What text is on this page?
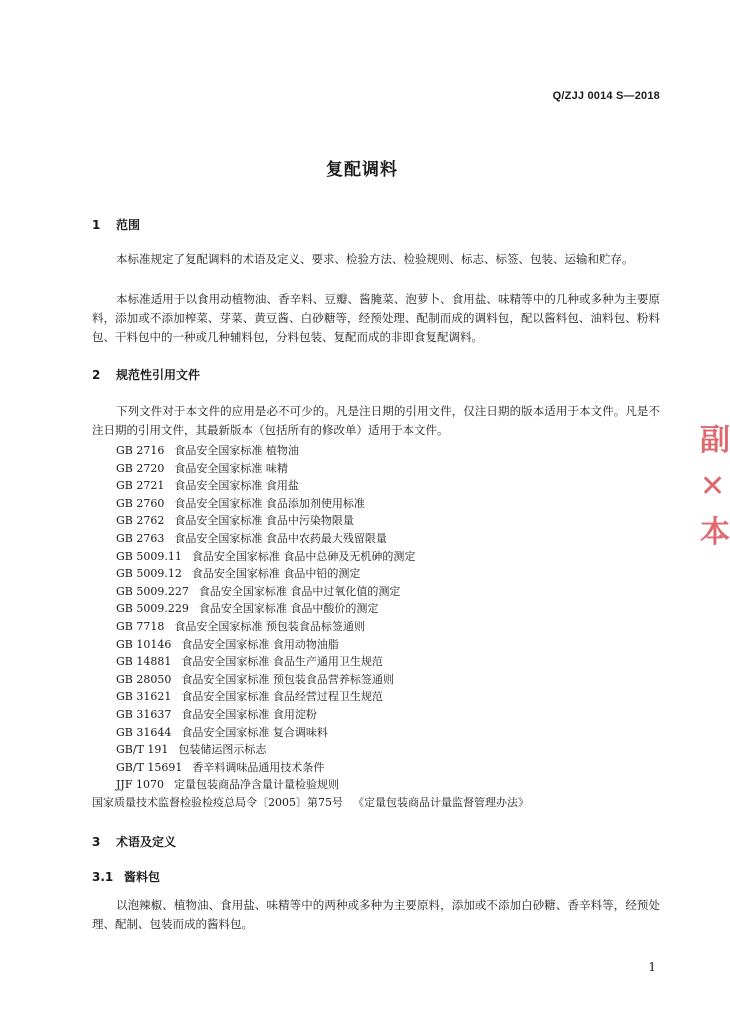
Q/ZJJ 0014 S—2018
复配调料
1 范围
本标准规定了复配调料的术语及定义、要求、检验方法、检验规则、标志、标签、包装、运输和贮存。
本标准适用于以食用动植物油、香辛料、豆瓣、酱腌菜、泡萝卜、食用盐、味精等中的几种或多种为主要原料，添加或不添加榨菜、芽菜、黄豆酱、白砂糖等，经预处理、配制而成的调料包，配以酱料包、油料包、粉料包、干料包中的一种或几种辅料包，分料包装、复配而成的非即食复配调料。
2 规范性引用文件
下列文件对于本文件的应用是必不可少的。凡是注日期的引用文件，仅注日期的版本适用于本文件。凡是不注日期的引用文件，其最新版本（包括所有的修改单）适用于本文件。
GB 2716 食品安全国家标准 植物油
GB 2720 食品安全国家标准 味精
GB 2721 食品安全国家标准 食用盐
GB 2760 食品安全国家标准 食品添加剂使用标准
GB 2762 食品安全国家标准 食品中污染物限量
GB 2763 食品安全国家标准 食品中农药最大残留限量
GB 5009.11 食品安全国家标准 食品中总砷及无机砷的测定
GB 5009.12 食品安全国家标准 食品中铅的测定
GB 5009.227 食品安全国家标准 食品中过氧化值的测定
GB 5009.229 食品安全国家标准 食品中酸价的测定
GB 7718 食品安全国家标准 预包装食品标签通则
GB 10146 食品安全国家标准 食用动物油脂
GB 14881 食品安全国家标准 食品生产通用卫生规范
GB 28050 食品安全国家标准 预包装食品营养标签通则
GB 31621 食品安全国家标准 食品经营过程卫生规范
GB 31637 食品安全国家标准 食用淀粉
GB 31644 食品安全国家标准 复合调味料
GB/T 191 包装储运图示标志
GB/T 15691 香辛料调味品通用技术条件
JJF 1070 定量包装商品净含量计量检验规则
国家质量技术监督检验检疫总局令〔2005〕第75号 《定量包装商品计量监督管理办法》
3 术语及定义
3.1 酱料包
以泡辣椒、植物油、食用盐、味精等中的两种或多种为主要原料，添加或不添加白砂糖、香辛料等，经预处理、配制、包装而成的酱料包。
1
副
✕
本
